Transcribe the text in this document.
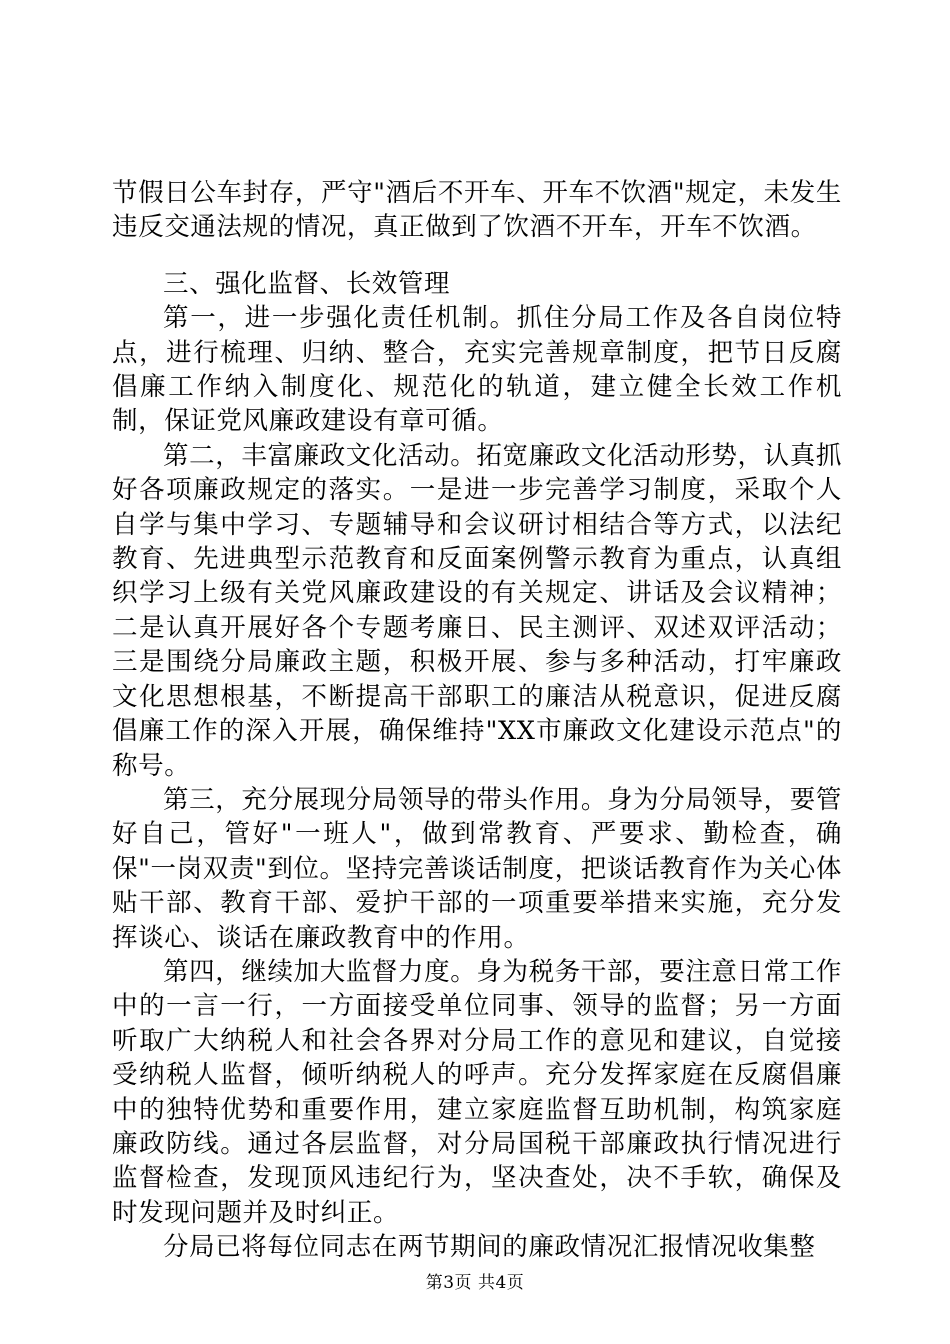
节假日公车封存，严守"酒后不开车、开车不饮酒"规定，未发生违反交通法规的情况，真正做到了饮酒不开车，开车不饮酒。

三、强化监督、长效管理

第一，进一步强化责任机制。抓住分局工作及各自岗位特点，进行梳理、归纳、整合，充实完善规章制度，把节日反腐倡廉工作纳入制度化、规范化的轨道，建立健全长效工作机制，保证党风廉政建设有章可循。

第二，丰富廉政文化活动。拓宽廉政文化活动形势，认真抓好各项廉政规定的落实。一是进一步完善学习制度，采取个人自学与集中学习、专题辅导和会议研讨相结合等方式，以法纪教育、先进典型示范教育和反面案例警示教育为重点，认真组织学习上级有关党风廉政建设的有关规定、讲话及会议精神；二是认真开展好各个专题考廉日、民主测评、双述双评活动；三是围绕分局廉政主题，积极开展、参与多种活动，打牢廉政文化思想根基，不断提高干部职工的廉洁从税意识，促进反腐倡廉工作的深入开展，确保维持"XX市廉政文化建设示范点"的称号。

第三，充分展现分局领导的带头作用。身为分局领导，要管好自己，管好"一班人"，做到常教育、严要求、勤检查，确保"一岗双责"到位。坚持完善谈话制度，把谈话教育作为关心体贴干部、教育干部、爱护干部的一项重要举措来实施，充分发挥谈心、谈话在廉政教育中的作用。

第四，继续加大监督力度。身为税务干部，要注意日常工作中的一言一行，一方面接受单位同事、领导的监督；另一方面听取广大纳税人和社会各界对分局工作的意见和建议，自觉接受纳税人监督，倾听纳税人的呼声。充分发挥家庭在反腐倡廉中的独特优势和重要作用，建立家庭监督互助机制，构筑家庭廉政防线。通过各层监督，对分局国税干部廉政执行情况进行监督检查，发现顶风违纪行为，坚决查处，决不手软，确保及时发现问题并及时纠正。

分局已将每位同志在两节期间的廉政情况汇报情况收集整

第3页 共4页
